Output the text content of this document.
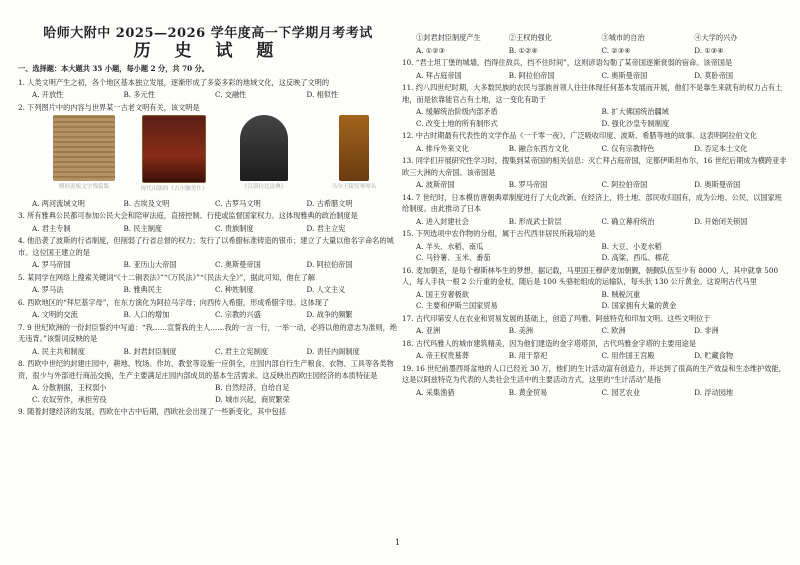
哈师大附中 2025—2026 学年度高一下学期月考考试
历 史 试 题
一、选择题：本大题共 35 小题，每小题 2 分，共 70 分。
1. 人类文明产生之初，各个地区基本独立发展，逐渐形成了多姿多彩的地域文化，这反映了文明的
A. 开放性	B. 多元性	C. 交融性	D. 相似性
2. 下列图片中的内容与世界某一古老文明有关，该文明是
楔形泥板文字残篇版	现代出版的《吉尔伽美什》	《汉谟拉比法典》	乌尔王陵竖琴琴头
A. 两河流域文明	B. 古埃及文明	C. 古罗马文明	D. 古希腊文明
3. 所有雅典公民都可参加公民大会和陪审法庭，直接控制、行使或监督国家权力。这体现雅典的政治制度是
A. 君主专制	B. 民主制度	C. 贵族制度	D. 君主立宪
4. 他沿袭了波斯的行省制度，但削弱了行省总督的权力；发行了以希腊标准铸造的银币；建立了大量以他名字命名的城市。这位国王建立的是
A. 罗马帝国	B. 亚历山大帝国	C. 奥斯曼帝国	D. 阿拉伯帝国
5. 某同学在网络上搜索关键词“《十二铜表法》”“《万民法》”“《民法大全》”，据此可知，他在了解
A. 罗马法	B. 雅典民主	C. 种姓制度	D. 人文主义
6. 西欧地区的“拜尼基字母”，在东方演化为阿拉马字母；向西传入希腊，形成希腊字母。这体现了
A. 文明的交流	B. 人口的增加	C. 宗教的兴盛	D. 战争的频繁
7. 9 世纪欧洲的一份封臣誓约中写道：“我……宣誓我的主人……我的一言一行，一举一动，必将以他的意志为准则，绝无违背。”该誓词反映的是
A. 民主共和制度	B. 封君封臣制度	C. 君主立宪制度	D. 责任内阁制度
8. 西欧中世纪的封建庄园中，耕地、牧场、作坊、教堂等设施一应俱全，庄园内部自行生产粮食、衣物、工具等各类物资，很少与外部进行商品交换，生产主要满足庄园内部成员的基本生活需求。这反映出西欧庄园经济的本质特征是
A. 分散割据，王权弱小	B. 自然经济，自给自足
C. 农奴劳作，承担劳役	D. 城市兴起，商贸繁荣
9. 随着封建经济的发展，西欧在中古中后期，西欧社会出现了一些新变化，其中包括
①封君封臣制度产生	②王权的强化	③城市的自治	④大学的兴办
A. ①②③	B. ①②④	C. ②③④	D. ①③④
10. “君士坦丁堡的城墙，挡得住敌兵，挡不住时间”，这则谚语勾勒了某帝国逐渐衰弱的宿命。该帝国是
A. 拜占庭帝国	B. 阿拉伯帝国	C. 奥斯曼帝国	D. 莫卧帝国
11. 约八四世纪时期，大多数民族的农民与部族首领人往往体现任何基本发展而开展，他们不是靠生来就有的权力占有土地，而是依靠能官占有土地，这一变化有助于
A. 缓解统治阶级内部矛盾	B. 扩大佛国统治疆域
C. 改变土地的所有制形式	D. 强化沙皇专制制度
12. 中古时期最有代表性的文学作品《一千零一夜》，广泛吸收印度、波斯、希腊等地的故事。这表明阿拉伯文化
A. 排斥外来文化	B. 融合东西方文化	C. 仅有宗教特色	D. 否定本土文化
13. 同学们开展研究性学习时，搜集到某帝国的相关信息：灭亡拜占庭帝国，定都伊斯坦布尔，16 世纪后期成为横跨亚非欧三大洲的大帝国。该帝国是
A. 波斯帝国	B. 罗马帝国	C. 阿拉伯帝国	D. 奥斯曼帝国
14. 7 世纪时，日本模仿唐朝典章制度进行了大化改新。在经济上，将土地、部民收归国有，成为公地、公民，以国家班给制度。由此推动了日本
A. 进入封建社会	B. 形成武士阶层	C. 确立幕府统治	D. 开始闭关锁国
15. 下列选项中农作物的分组，属于古代西非居民所栽培的是
A. 羊头、水稻、南瓜	B. 大豆、小麦水稻
C. 马铃薯、玉米、番茄	D. 高粱、西瓜、棉花
16. 麦加朝圣，是每个穆斯林毕生的梦想，据记载，马里国王穆萨麦加朝觐，朝觐队伍至少有 8000 人，其中就拿 500 人，每人手执一根 2 公斤重的金杖，随后是 100 头骆驼组成的运输队，每头驮 130 公斤黄金。这说明古代马里
A. 国王穷奢极欲	B. 贼税沉重
C. 主要和伊斯兰国家贸易	D. 国家拥有大量的黄金
17. 古代印第安人在农业和贸易发展的基础上，创造了玛雅、阿兹特克和印加文明。这些文明位于
A. 亚洲	B. 美洲	C. 欧洲	D. 非洲
18. 古代玛雅人的城市建筑精美，因为他们建造的金字塔塔顶，古代玛雅金字塔的主要用途是
A. 帝王权贵墓葬	B. 用于祭祀	C. 用作国王宫殿	D. 贮藏食物
19. 16 世纪前墨西哥盆地的人口已经近 30 万，他们的生计活动富有创造力，并达到了很高的生产效益和生态维护效能，这是以阿兹特克为代表的人类社会生活中的主要活动方式，这里的“生计活动”是指
A. 采集渔猎	B. 黄金贸易	C. 园艺农业	D. 浮动园地
1
